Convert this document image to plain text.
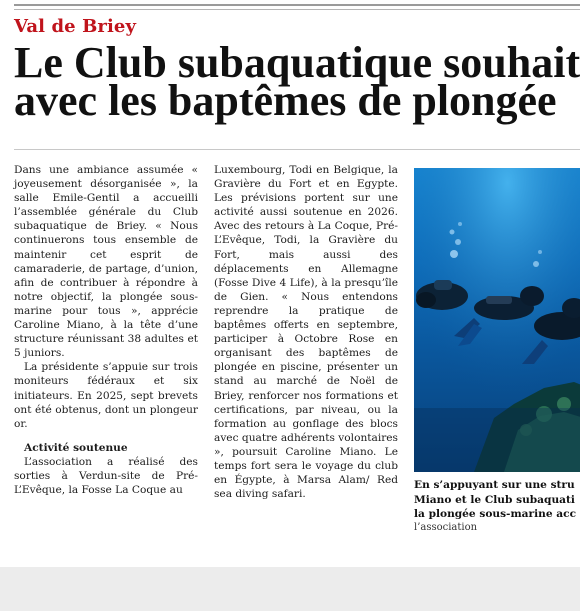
Val de Briey
Le Club subaquatique souhait
avec les baptêmes de plongée

Dans une ambiance assumée « joyeusement désorganisée », la salle Emile-Gentil a accueilli l’assemblée générale du Club subaquatique de Briey. « Nous continuerons tous ensemble de maintenir cet esprit de camaraderie, de partage, d’union, afin de contribuer à répondre à notre objectif, la plongée sous-marine pour tous », apprécie Caroline Miano, à la tête d’une structure réunissant 38 adultes et 5 juniors.

La présidente s’appuie sur trois moniteurs fédéraux et six initiateurs. En 2025, sept brevets ont été obtenus, dont un plongeur or.

Activité soutenue

L’association a réalisé des sorties à Verdun-site de Pré-L’Evêque, la Fosse La Coque au

Luxembourg, Todi en Belgique, la Gravière du Fort et en Egypte. Les prévisions portent sur une activité aussi soutenue en 2026. Avec des retours à La Coque, Pré-L’Evêque, Todi, la Gravière du Fort, mais aussi des déplacements en Allemagne (Fosse Dive 4 Life), à la presqu’île de Gien. « Nous entendons reprendre la pratique de baptêmes offerts en septembre, participer à Octobre Rose en organisant des baptêmes de plongée en piscine, présenter un stand au marché de Noël de Briey, renforcer nos formations et certifications, par niveau, ou la formation au gonflage des blocs avec quatre adhérents volontaires », poursuit Caroline Miano. Le temps fort sera le voyage du club en Égypte, à Marsa Alam/ Red sea diving safari.

En s’appuyant sur une stru
Miano et le Club subaquati
la plongée sous-marine acc
l’association
